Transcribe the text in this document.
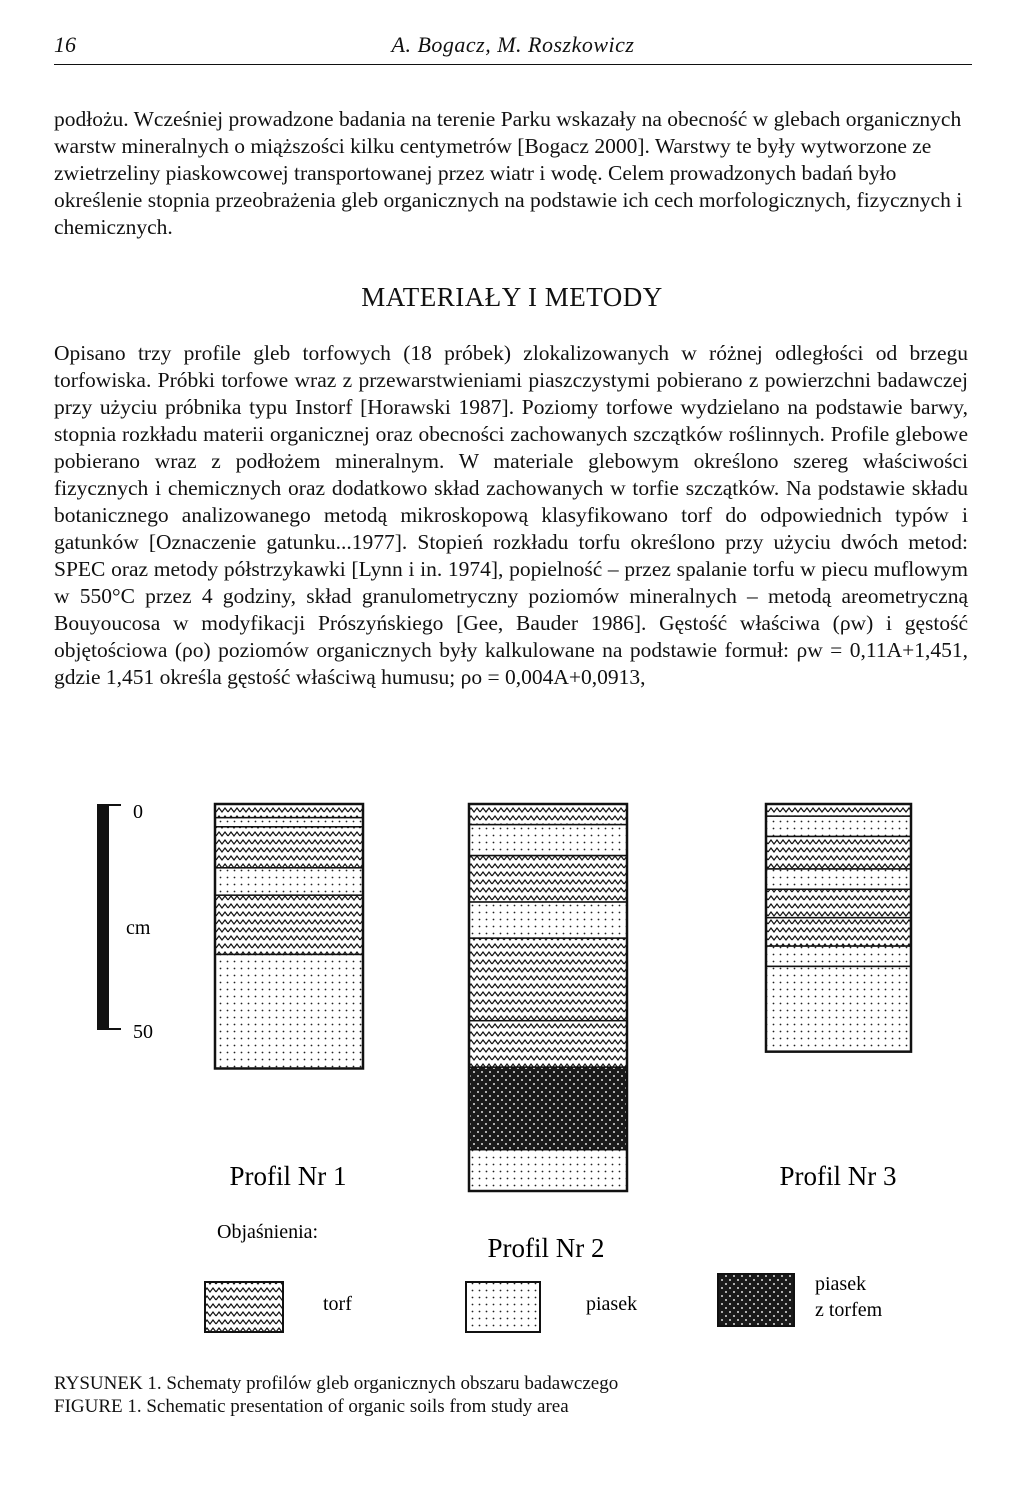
16	A. Bogacz, M. Roszkowicz

podłożu. Wcześniej prowadzone badania na terenie Parku wskazały na obecność w glebach organicznych warstw mineralnych o miąższości kilku centymetrów [Bogacz 2000]. Warstwy te były wytworzone ze zwietrzeliny piaskowcowej transportowanej przez wiatr i wodę. Celem prowadzonych badań było określenie stopnia przeobrażenia gleb organicznych na podstawie ich cech morfologicznych, fizycznych i chemicznych.

MATERIAŁY I METODY

Opisano trzy profile gleb torfowych (18 próbek) zlokalizowanych w różnej odległości od brzegu torfowiska. Próbki torfowe wraz z przewarstwieniami piaszczystymi pobierano z powierzchni badawczej przy użyciu próbnika typu Instorf [Horawski 1987]. Poziomy torfowe wydzielano na podstawie barwy, stopnia rozkładu materii organicznej oraz obecności zachowanych szczątków roślinnych. Profile glebowe pobierano wraz z podłożem mineralnym. W materiale glebowym określono szereg właściwości fizycznych i chemicznych oraz dodatkowo skład zachowanych w torfie szczątków. Na podstawie składu botanicznego analizowanego metodą mikroskopową klasyfikowano torf do odpowiednich typów i gatunków [Oznaczenie gatunku...1977]. Stopień rozkładu torfu określono przy użyciu dwóch metod: SPEC oraz metody półstrzykawki [Lynn i in. 1974], popielność – przez spalanie torfu w piecu muflowym w 550°C przez 4 godziny, skład granulometryczny poziomów mineralnych – metodą areometryczną Bouyoucosa w modyfikacji Prószyńskiego [Gee, Bauder 1986]. Gęstość właściwa (ρw) i gęstość objętościowa (ρo) poziomów organicznych były kalkulowane na podstawie formuł: ρw = 0,11A+1,451, gdzie 1,451 określa gęstość właściwą humusu; ρo = 0,004A+0,0913,

0
cm
50
Profil Nr 1
Profil Nr 2
Profil Nr 3
Objaśnienia:
torf	piasek
piasek
z torfem
RYSUNEK 1. Schematy profilów gleb organicznych obszaru badawczego
FIGURE 1. Schematic presentation of organic soils from study area
